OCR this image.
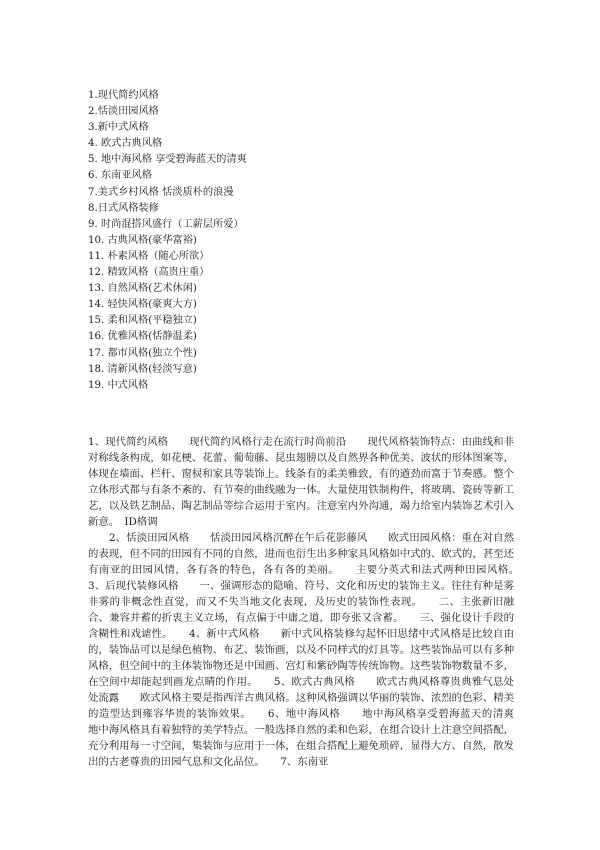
1.现代简约风格
2.恬淡田园风格
3.新中式风格
4. 欧式古典风格
5. 地中海风格 享受碧海蓝天的清爽
6. 东南亚风格
7.美式乡村风格 恬淡质朴的浪漫
8.日式风格装修
9. 时尚混搭风盛行（工薪层所爱）
10. 古典风格(豪华富裕)
11. 朴素风格（随心所欲）
12. 精致风格（高贵庄重）
13. 自然风格(艺术休闲)
14. 轻快风格(豪爽大方)
15. 柔和风格(平稳独立)
16. 优雅风格(恬静温柔)
17. 都市风格(独立个性)
18. 清新风格(轻淡写意)
19. 中式风格

1、现代简约风格　　现代简约风格行走在流行时尚前沿　　现代风格装饰特点：由曲线和非对称线条构成，如花梗、花蕾、葡萄藤、昆虫翅膀以及自然界各种优美、波状的形体图案等，体现在墙面、栏杆、窗棂和家具等装饰上。线条有的柔美雅致，有的遒劲而富于节奏感。整个立体形式都与有条不紊的、有节奏的曲线融为一体。大量使用铁制构件，将玻璃、瓷砖等新工艺，以及铁艺制品、陶艺制品等综合运用于室内。注意室内外沟通，竭力给室内装饰艺术引入新意。　ID格调

　　2、恬淡田园风格　　恬淡田园风格沉醉在午后花影藤风　　欧式田园风格：重在对自然的表现，但不同的田园有不同的自然，进而也衍生出多种家具风格如中式的、欧式的，甚至还有南亚的田园风情，各有各的特色，各有各的美丽。　　主要分英式和法式两种田园风格。　　3、后现代装修风格　　一、强调形态的隐喻、符号、文化和历史的装饰主义。往往有种是雾非雾的非概念性直觉，而又不失当地文化表现，及历史的装饰性表现。　　二、主张新旧融合、兼容并蓄的折衷主义立场，有点偏于中庸之道，即夸张又含蓄。　　三、强化设计手段的含糊性和戏谑性。　　4、新中式风格　　新中式风格装修勾起怀旧思绪中式风格是比较自由的，装饰品可以是绿色植物、布艺、装饰画，以及不同样式的灯具等。这些装饰品可以有多种风格，但空间中的主体装饰物还是中国画、宫灯和紫砂陶等传统饰物。这些装饰物数量不多，在空间中却能起到画龙点睛的作用。　　5、欧式古典风格　　欧式古典风格尊贵典雅气息处处流露　　欧式风格主要是指西洋古典风格。这种风格强调以华丽的装饰、浓烈的色彩、精美的造型达到雍容华贵的装饰效果。　　6、地中海风格　　地中海风格享受碧海蓝天的清爽　　地中海风格具有着独特的美学特点。一般选择自然的柔和色彩，在组合设计上注意空间搭配，充分利用每一寸空间，集装饰与应用于一体，在组合搭配上避免琐碎，显得大方、自然，散发出的古老尊贵的田园气息和文化品位。　　7、东南亚
